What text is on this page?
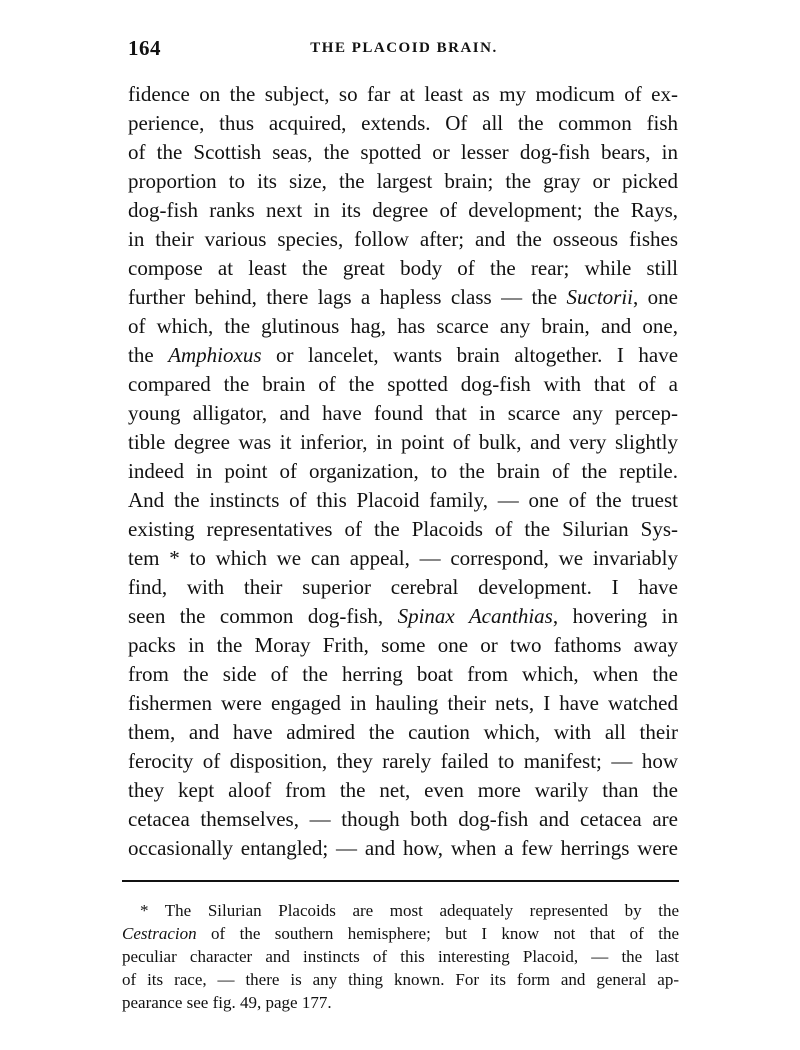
164	THE PLACOID BRAIN.
fidence on the subject, so far at least as my modicum of ex-
perience, thus acquired, extends. Of all the common fish
of the Scottish seas, the spotted or lesser dog-fish bears, in
proportion to its size, the largest brain; the gray or picked
dog-fish ranks next in its degree of development; the Rays,
in their various species, follow after; and the osseous fishes
compose at least the great body of the rear; while still
further behind, there lags a hapless class — the Suctorii, one
of which, the glutinous hag, has scarce any brain, and one,
the Amphioxus or lancelet, wants brain altogether. I have
compared the brain of the spotted dog-fish with that of a
young alligator, and have found that in scarce any percep-
tible degree was it inferior, in point of bulk, and very slightly
indeed in point of organization, to the brain of the reptile.
And the instincts of this Placoid family, — one of the truest
existing representatives of the Placoids of the Silurian Sys-
tem * to which we can appeal, — correspond, we invariably
find, with their superior cerebral development. I have
seen the common dog-fish, Spinax Acanthias, hovering in
packs in the Moray Frith, some one or two fathoms away
from the side of the herring boat from which, when the
fishermen were engaged in hauling their nets, I have watched
them, and have admired the caution which, with all their
ferocity of disposition, they rarely failed to manifest; — how
they kept aloof from the net, even more warily than the
cetacea themselves, — though both dog-fish and cetacea are
occasionally entangled; — and how, when a few herrings were
* The Silurian Placoids are most adequately represented by the
Cestracion of the southern hemisphere; but I know not that of the
peculiar character and instincts of this interesting Placoid, — the last
of its race, — there is any thing known. For its form and general ap-
pearance see fig. 49, page 177.
